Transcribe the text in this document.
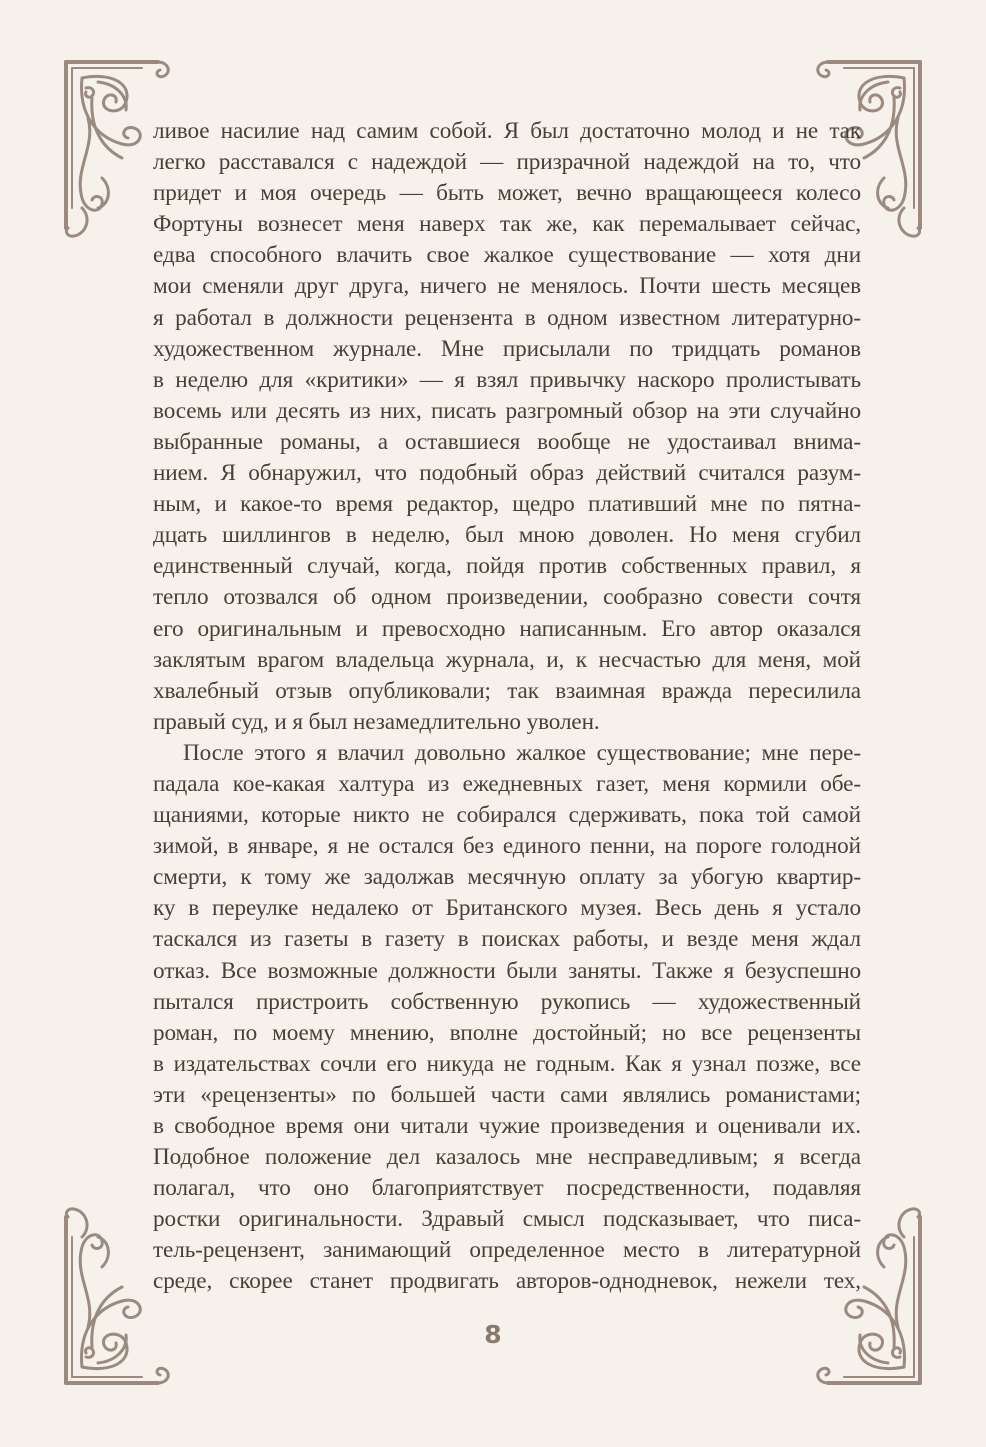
ливое насилие над самим собой. Я был достаточно молод и не так
легко расставался с надеждой — призрачной надеждой на то, что
придет и моя очередь — быть может, вечно вращающееся колесо
Фортуны вознесет меня наверх так же, как перемалывает сейчас,
едва способного влачить свое жалкое существование — хотя дни
мои сменяли друг друга, ничего не менялось. Почти шесть месяцев
я работал в должности рецензента в одном известном литературно-
художественном журнале. Мне присылали по тридцать романов
в неделю для «критики» — я взял привычку наскоро пролистывать
восемь или десять из них, писать разгромный обзор на эти случайно
выбранные романы, а оставшиеся вообще не удостаивал внима-
нием. Я обнаружил, что подобный образ действий считался разум-
ным, и какое-то время редактор, щедро плативший мне по пятна-
дцать шиллингов в неделю, был мною доволен. Но меня сгубил
единственный случай, когда, пойдя против собственных правил, я
тепло отозвался об одном произведении, сообразно совести сочтя
его оригинальным и превосходно написанным. Его автор оказался
заклятым врагом владельца журнала, и, к несчастью для меня, мой
хвалебный отзыв опубликовали; так взаимная вражда пересилила
правый суд, и я был незамедлительно уволен.
После этого я влачил довольно жалкое существование; мне пере-
падала кое-какая халтура из ежедневных газет, меня кормили обе-
щаниями, которые никто не собирался сдерживать, пока той самой
зимой, в январе, я не остался без единого пенни, на пороге голодной
смерти, к тому же задолжав месячную оплату за убогую квартир-
ку в переулке недалеко от Британского музея. Весь день я устало
таскался из газеты в газету в поисках работы, и везде меня ждал
отказ. Все возможные должности были заняты. Также я безуспешно
пытался пристроить собственную рукопись — художественный
роман, по моему мнению, вполне достойный; но все рецензенты
в издательствах сочли его никуда не годным. Как я узнал позже, все
эти «рецензенты» по большей части сами являлись романистами;
в свободное время они читали чужие произведения и оценивали их.
Подобное положение дел казалось мне несправедливым; я всегда
полагал, что оно благоприятствует посредственности, подавляя
ростки оригинальности. Здравый смысл подсказывает, что писа-
тель-рецензент, занимающий определенное место в литературной
среде, скорее станет продвигать авторов-однодневок, нежели тех,
8
